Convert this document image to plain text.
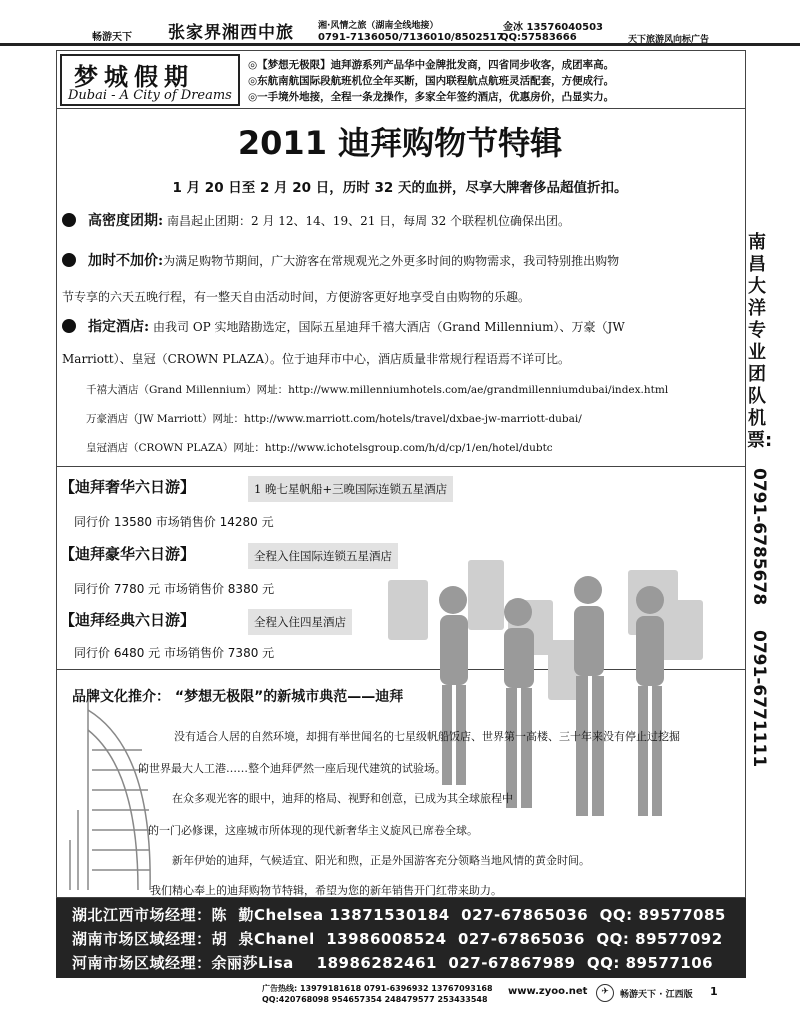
畅游天下 张家界湘西中旅	湘·风情之旅（湖南全线地接）	金冰 13576040503
0791-7136050/7136010/8502517
QQ:57583666	天下旅游风向标广告
梦城假期
Dubai - A City of Dreams
◎【梦想无极限】迪拜游系列产品华中金牌批发商，四省同步收客，成团率高。
◎东航南航国际段航班机位全年买断，国内联程航点航班灵活配套，方便成行。
◎一手境外地接，全程一条龙操作，多家全年签约酒店，优惠房价，凸显实力。
2011 迪拜购物节特辑
1 月 20 日至 2 月 20 日，历时 32 天的血拼，尽享大牌奢侈品超值折扣。
高密度团期: 南昌起止团期：2 月 12、14、19、21 日，每周 32 个联程机位确保出团。
加时不加价:为满足购物节期间，广大游客在常规观光之外更多时间的购物需求，我司特别推出购物
节专享的六天五晚行程，有一整天自由活动时间，方便游客更好地享受自由购物的乐趣。
指定酒店: 由我司 OP 实地踏勘选定，国际五星迪拜千禧大酒店（Grand Millennium）、万豪（JW
Marriott）、皇冠（CROWN PLAZA）。位于迪拜市中心，酒店质量非常规行程语焉不详可比。
千禧大酒店（Grand Millennium）网址：http://www.millenniumhotels.com/ae/grandmillenniumdubai/index.html
万豪酒店（JW Marriott）网址：http://www.marriott.com/hotels/travel/dxbae-jw-marriott-dubai/
皇冠酒店（CROWN PLAZA）网址：http://www.ichotelsgroup.com/h/d/cp/1/en/hotel/dubtc
【迪拜奢华六日游】	1 晚七星帆船+三晚国际连锁五星酒店
同行价 13580 市场销售价 14280 元
【迪拜豪华六日游】	全程入住国际连锁五星酒店
同行价 7780 元 市场销售价 8380 元
【迪拜经典六日游】	全程入住四星酒店
同行价 6480 元 市场销售价 7380 元
品牌文化推介： “梦想无极限”的新城市典范——迪拜
没有适合人居的自然环境，却拥有举世闻名的七星级帆船饭店、世界第一高楼、三十年来没有停止过挖掘
的世界最大人工港……整个迪拜俨然一座后现代建筑的试验场。
在众多观光客的眼中，迪拜的格局、视野和创意，已成为其全球旅程中
的一门必修课，这座城市所体现的现代新奢华主义旋风已席卷全球。
新年伊始的迪拜，气候适宜、阳光和煦，正是外国游客充分领略当地风情的黄金时间。
我们精心奉上的迪拜购物节特辑，希望为您的新年销售开门红带来助力。
南昌大洋专业团队机票:
0791-6785678
0791-6771111
湖北江西市场经理：陈  勤Chelsea 13871530184  027-67865036  QQ: 89577085
湖南市场区域经理：胡  泉Chanel  13986008524  027-67865036  QQ: 89577092
河南市场区域经理：余丽莎Lisa    18986282461  027-67867989  QQ: 89577106
广告热线: 13979181618 0791-6396932 13767093168
QQ:420768098 954657354 248479577 253433548
www.zyoo.net	✈	畅游天下 · 江西版 1
